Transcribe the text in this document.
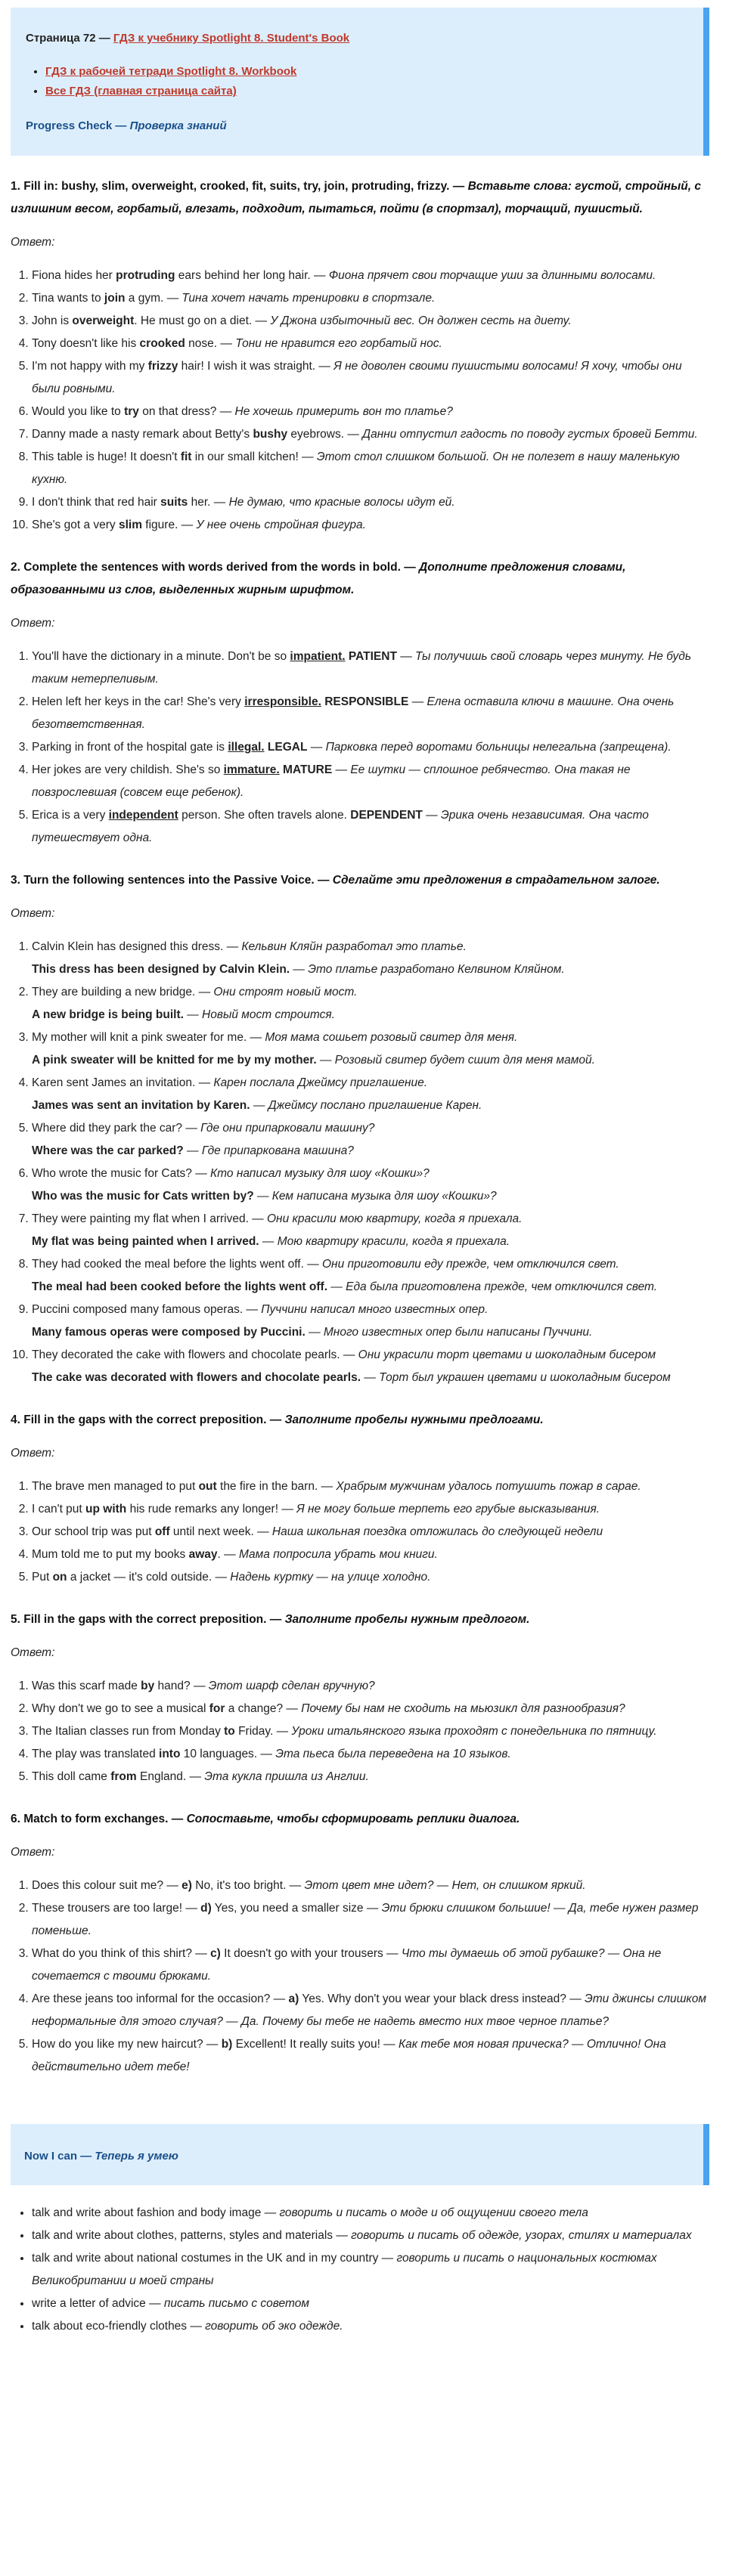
Страница 72 — ГДЗ к учебнику Spotlight 8. Student's Book
• ГДЗ к рабочей тетради Spotlight 8. Workbook
• Все ГДЗ (главная страница сайта)
Progress Check — Проверка знаний

1. Fill in: bushy, slim, overweight, crooked, fit, suits, try, join, protruding, frizzy. — Вставьте слова: густой, стройный, с излишним весом, горбатый, влезать, подходит, пытаться, пойти (в спортзал), торчащий, пушистый.

Ответ:

1. Fiona hides her protruding ears behind her long hair. — Фиона прячет свои торчащие уши за длинными волосами.
2. Tina wants to join a gym. — Тина хочет начать тренировки в спортзале.
3. John is overweight. He must go on a diet. — У Джона избыточный вес. Он должен сесть на диету.
4. Tony doesn't like his crooked nose. — Тони не нравится его горбатый нос.
5. I'm not happy with my frizzy hair! I wish it was straight. — Я не доволен своими пушистыми волосами! Я хочу, чтобы они были ровными.
6. Would you like to try on that dress? — Не хочешь примерить вон то платье?
7. Danny made a nasty remark about Betty's bushy eyebrows. — Данни отпустил гадость по поводу густых бровей Бетти.
8. This table is huge! It doesn't fit in our small kitchen! — Этот стол слишком большой. Он не полезет в нашу маленькую кухню.
9. I don't think that red hair suits her. — Не думаю, что красные волосы идут ей.
10. She's got a very slim figure. — У нее очень стройная фигура.

2. Complete the sentences with words derived from the words in bold. — Дополните предложения словами, образованными из слов, выделенных жирным шрифтом.

Ответ:

1. You'll have the dictionary in a minute. Don't be so impatient. PATIENT — Ты получишь свой словарь через минуту. Не будь таким нетерпеливым.
2. Helen left her keys in the car! She's very irresponsible. RESPONSIBLE — Елена оставила ключи в машине. Она очень безответственная.
3. Parking in front of the hospital gate is illegal. LEGAL — Парковка перед воротами больницы нелегальна (запрещена).
4. Her jokes are very childish. She's so immature. MATURE — Ее шутки — сплошное ребячество. Она такая не повзрослевшая (совсем еще ребенок).
5. Erica is a very independent person. She often travels alone. DEPENDENT — Эрика очень независимая. Она часто путешествует одна.

3. Turn the following sentences into the Passive Voice. — Сделайте эти предложения в страдательном залоге.

Ответ:

1. Calvin Klein has designed this dress. — Кельвин Кляйн разработал это платье.
This dress has been designed by Calvin Klein. — Это платье разработано Келвином Кляйном.
2. They are building a new bridge. — Они строят новый мост.
A new bridge is being built. — Новый мост строится.
3. My mother will knit a pink sweater for me. — Моя мама сошьет розовый свитер для меня.
A pink sweater will be knitted for me by my mother. — Розовый свитер будет сшит для меня мамой.
4. Karen sent James an invitation. — Карен послала Джеймсу приглашение.
James was sent an invitation by Karen. — Джеймсу послано приглашение Карен.
5. Where did they park the car? — Где они припарковали машину?
Where was the car parked? — Где припаркована машина?
6. Who wrote the music for Cats? — Кто написал музыку для шоу «Кошки»?
Who was the music for Cats written by? — Кем написана музыка для шоу «Кошки»?
7. They were painting my flat when I arrived. — Они красили мою квартиру, когда я приехала.
My flat was being painted when I arrived. — Мою квартиру красили, когда я приехала.
8. They had cooked the meal before the lights went off. — Они приготовили еду прежде, чем отключился свет.
The meal had been cooked before the lights went off. — Еда была приготовлена прежде, чем отключился свет.
9. Puccini composed many famous operas. — Пуччини написал много известных опер.
Many famous operas were composed by Puccini. — Много известных опер были написаны Пуччини.
10. They decorated the cake with flowers and chocolate pearls. — Они украсили торт цветами и шоколадным бисером
The cake was decorated with flowers and chocolate pearls. — Торт был украшен цветами и шоколадным бисером

4. Fill in the gaps with the correct preposition. — Заполните пробелы нужными предлогами.

Ответ:

1. The brave men managed to put out the fire in the barn. — Храбрым мужчинам удалось потушить пожар в сарае.
2. I can't put up with his rude remarks any longer! — Я не могу больше терпеть его грубые высказывания.
3. Our school trip was put off until next week. — Наша школьная поездка отложилась до следующей недели
4. Mum told me to put my books away. — Мама попросила убрать мои книги.
5. Put on a jacket — it's cold outside. — Надень куртку — на улице холодно.

5. Fill in the gaps with the correct preposition. — Заполните пробелы нужным предлогом.

Ответ:

1. Was this scarf made by hand? — Этот шарф сделан вручную?
2. Why don't we go to see a musical for a change? — Почему бы нам не сходить на мьюзикл для разнообразия?
3. The Italian classes run from Monday to Friday. — Уроки итальянского языка проходят с понедельника по пятницу.
4. The play was translated into 10 languages. — Эта пьеса была переведена на 10 языков.
5. This doll came from England. — Эта кукла пришла из Англии.

6. Match to form exchanges. — Сопоставьте, чтобы сформировать реплики диалога.

Ответ:

1. Does this colour suit me? — e) No, it's too bright. — Этот цвет мне идет? — Нет, он слишком яркий.
2. These trousers are too large! — d) Yes, you need a smaller size — Эти брюки слишком большие! — Да, тебе нужен размер поменьше.
3. What do you think of this shirt? — c) It doesn't go with your trousers — Что ты думаешь об этой рубашке? — Она не сочетается с твоими брюками.
4. Are these jeans too informal for the occasion? — a) Yes. Why don't you wear your black dress instead? — Эти джинсы слишком неформальные для этого случая? — Да. Почему бы тебе не надеть вместо них твое черное платье?
5. How do you like my new haircut? — b) Excellent! It really suits you! — Как тебе моя новая прическа? — Отлично! Она действительно идет тебе!
Now I can — Теперь я умею
• talk and write about fashion and body image — говорить и писать о моде и об ощущении своего тела
• talk and write about clothes, patterns, styles and materials — говорить и писать об одежде, узорах, стилях и материалах
• talk and write about national costumes in the UK and in my country — говорить и писать о национальных костюмах Великобритании и моей страны
• write a letter of advice — писать письмо с советом
• talk about eco-friendly clothes — говорить об эко одежде.
